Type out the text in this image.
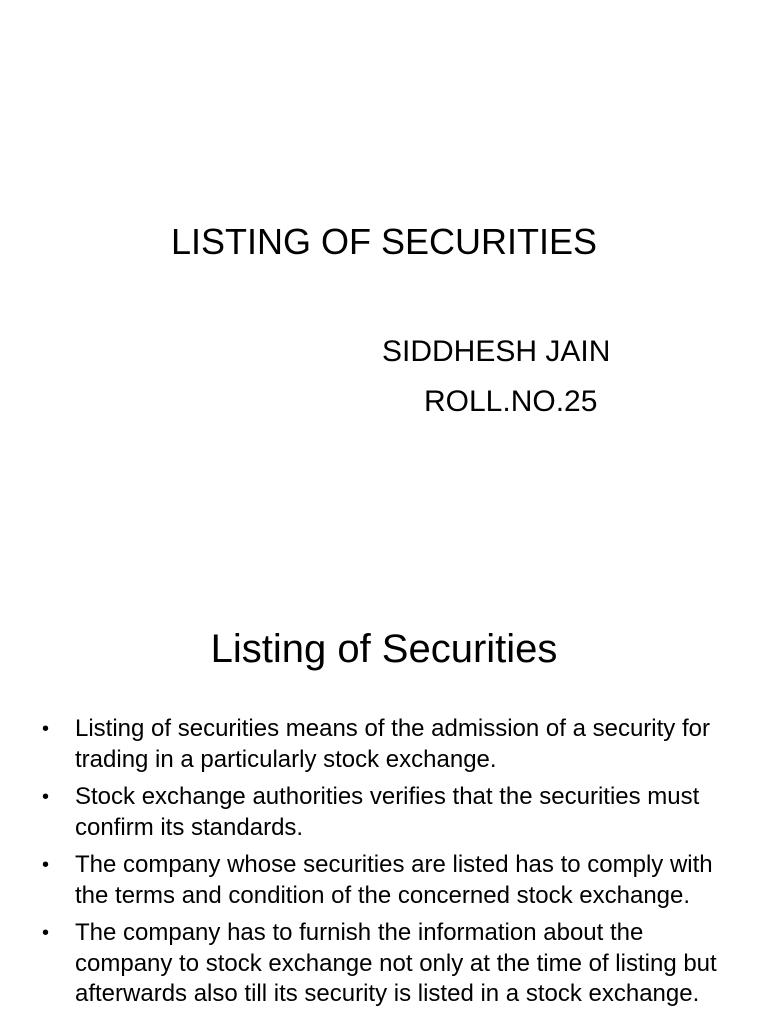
LISTING OF SECURITIES
SIDDHESH JAIN
ROLL.NO.25
Listing of Securities
• Listing of securities means of the admission of a security for trading in a particularly stock exchange.
• Stock exchange authorities verifies that the securities must confirm its standards.
• The company whose securities are listed has to comply with the terms and condition of the concerned stock exchange.
• The company has to furnish the information about the company to stock exchange not only at the time of listing but afterwards also till its security is listed in a stock exchange.
